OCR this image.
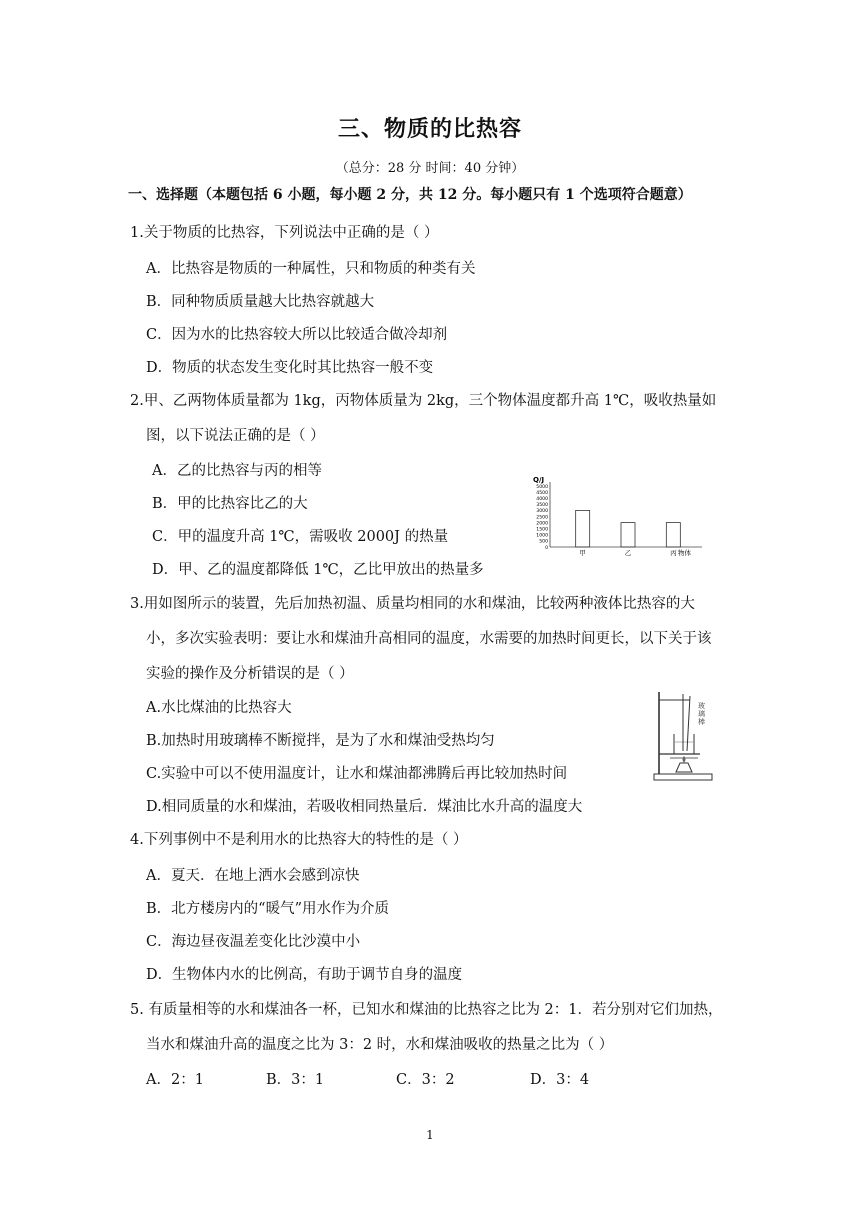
三、物质的比热容
（总分：28 分 时间：40 分钟）
一、选择题（本题包括 6 小题，每小题 2 分，共 12 分。每小题只有 1 个选项符合题意）
1.关于物质的比热容，下列说法中正确的是（ ）
A．比热容是物质的一种属性，只和物质的种类有关
B．同种物质质量越大比热容就越大
C．因为水的比热容较大所以比较适合做冷却剂
D．物质的状态发生变化时其比热容一般不变
2.甲、乙两物体质量都为 1kg，丙物体质量为 2kg，三个物体温度都升高 1℃，吸收热量如
图，以下说法正确的是（ ）
A．乙的比热容与丙的相等
B．甲的比热容比乙的大
C．甲的温度升高 1℃，需吸收 2000J 的热量
D．甲、乙的温度都降低 1℃，乙比甲放出的热量多
Q/J
5000
4500
4000
3500
3000
2500
2000
1500
1000
500
0
甲	乙	丙 物体
3.用如图所示的装置，先后加热初温、质量均相同的水和煤油，比较两种液体比热容的大
小，多次实验表明：要让水和煤油升高相同的温度，水需要的加热时间更长，以下关于该
实验的操作及分析错误的是（ ）
A.水比煤油的比热容大
B.加热时用玻璃棒不断搅拌，是为了水和煤油受热均匀
C.实验中可以不使用温度计，让水和煤油都沸腾后再比较加热时间
D.相同质量的水和煤油，若吸收相同热量后．煤油比水升高的温度大
玻璃棒
4.下列事例中不是利用水的比热容大的特性的是（ ）
A．夏天．在地上洒水会感到凉快
B．北方楼房内的“暖气”用水作为介质
C．海边昼夜温差变化比沙漠中小
D．生物体内水的比例高，有助于调节自身的温度
5. 有质量相等的水和煤油各一杯，已知水和煤油的比热容之比为 2：1．若分别对它们加热，
当水和煤油升高的温度之比为 3：2 时，水和煤油吸收的热量之比为（ ）
A．2：1	B．3：1	C．3：2	D．3：4
1
